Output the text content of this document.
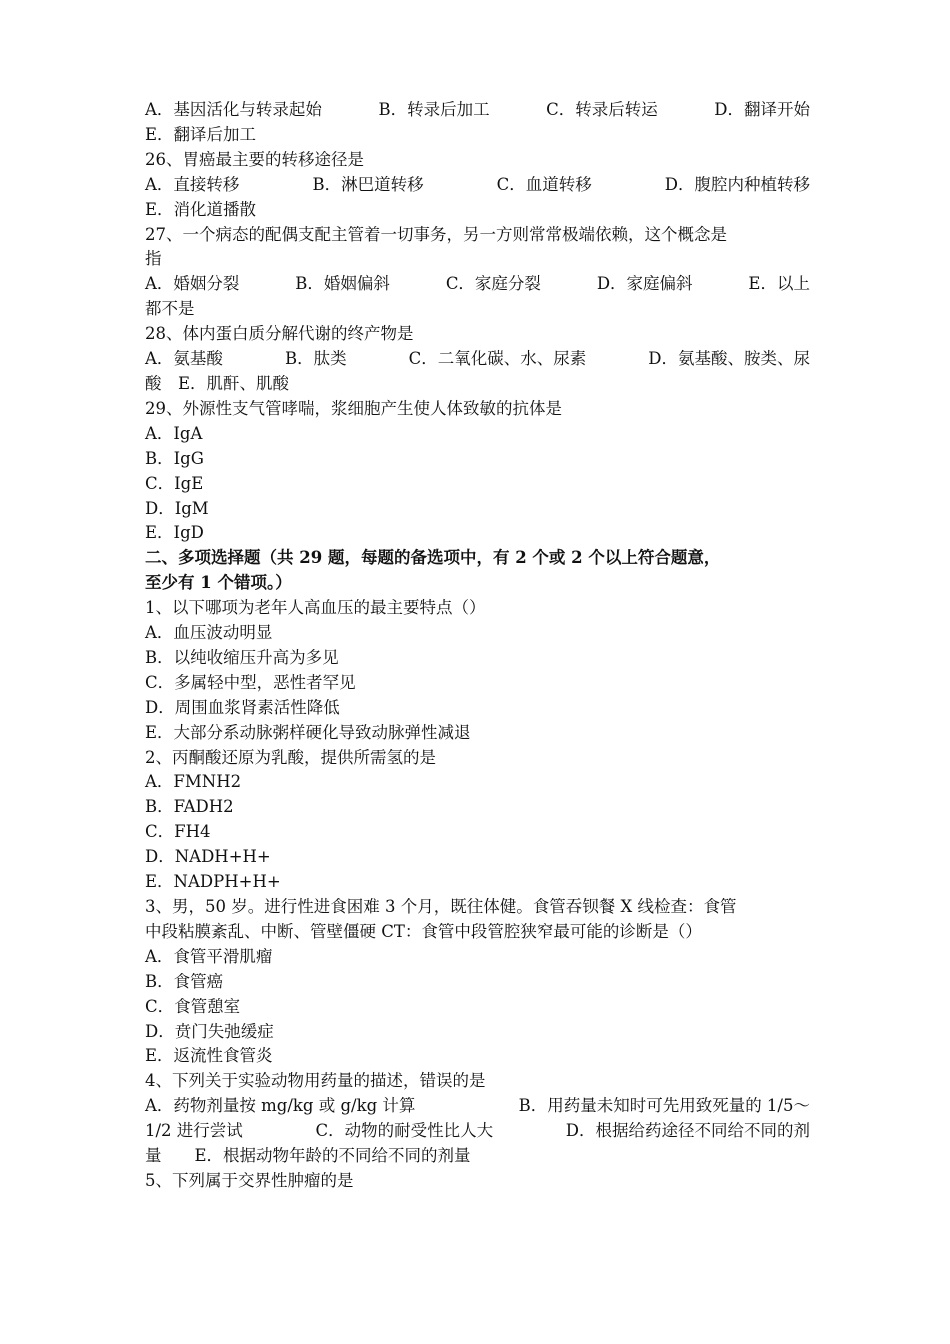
A．基因活化与转录起始	B．转录后加工	C．转录后转运	D．翻译开始
E．翻译后加工
26、胃癌最主要的转移途径是
A．直接转移	B．淋巴道转移	C．血道转移	D．腹腔内种植转移
E．消化道播散
27、一个病态的配偶支配主管着一切事务，另一方则常常极端依赖，这个概念是
指
A．婚姻分裂	B．婚姻偏斜	C．家庭分裂	D．家庭偏斜	E．以上
都不是
28、体内蛋白质分解代谢的终产物是
A．氨基酸	B．肽类	C．二氧化碳、水、尿素	D．氨基酸、胺类、尿
酸　E．肌酐、肌酸
29、外源性支气管哮喘，浆细胞产生使人体致敏的抗体是
A．IgA
B．IgG
C．IgE
D．IgM
E．IgD
二、多项选择题（共 29 题，每题的备选项中，有 2 个或 2 个以上符合题意，
至少有 1 个错项。）
1、以下哪项为老年人高血压的最主要特点（）
A．血压波动明显
B．以纯收缩压升高为多见
C．多属轻中型，恶性者罕见
D．周围血浆肾素活性降低
E．大部分系动脉粥样硬化导致动脉弹性减退
2、丙酮酸还原为乳酸，提供所需氢的是
A．FMNH2
B．FADH2
C．FH4
D．NADH+H+
E．NADPH+H+
3、男，50 岁。进行性进食困难 3 个月，既往体健。食管吞钡餐 X 线检查：食管
中段粘膜紊乱、中断、管壁僵硬 CT：食管中段管腔狭窄最可能的诊断是（）
A．食管平滑肌瘤
B．食管癌
C．食管憩室
D．贲门失弛缓症
E．返流性食管炎
4、下列关于实验动物用药量的描述，错误的是
A．药物剂量按 mg/kg 或 g/kg 计算	B．用药量未知时可先用致死量的 1/5～
1/2 进行尝试	C．动物的耐受性比人大	D．根据给药途径不同给不同的剂
量　　E．根据动物年龄的不同给不同的剂量
5、下列属于交界性肿瘤的是
